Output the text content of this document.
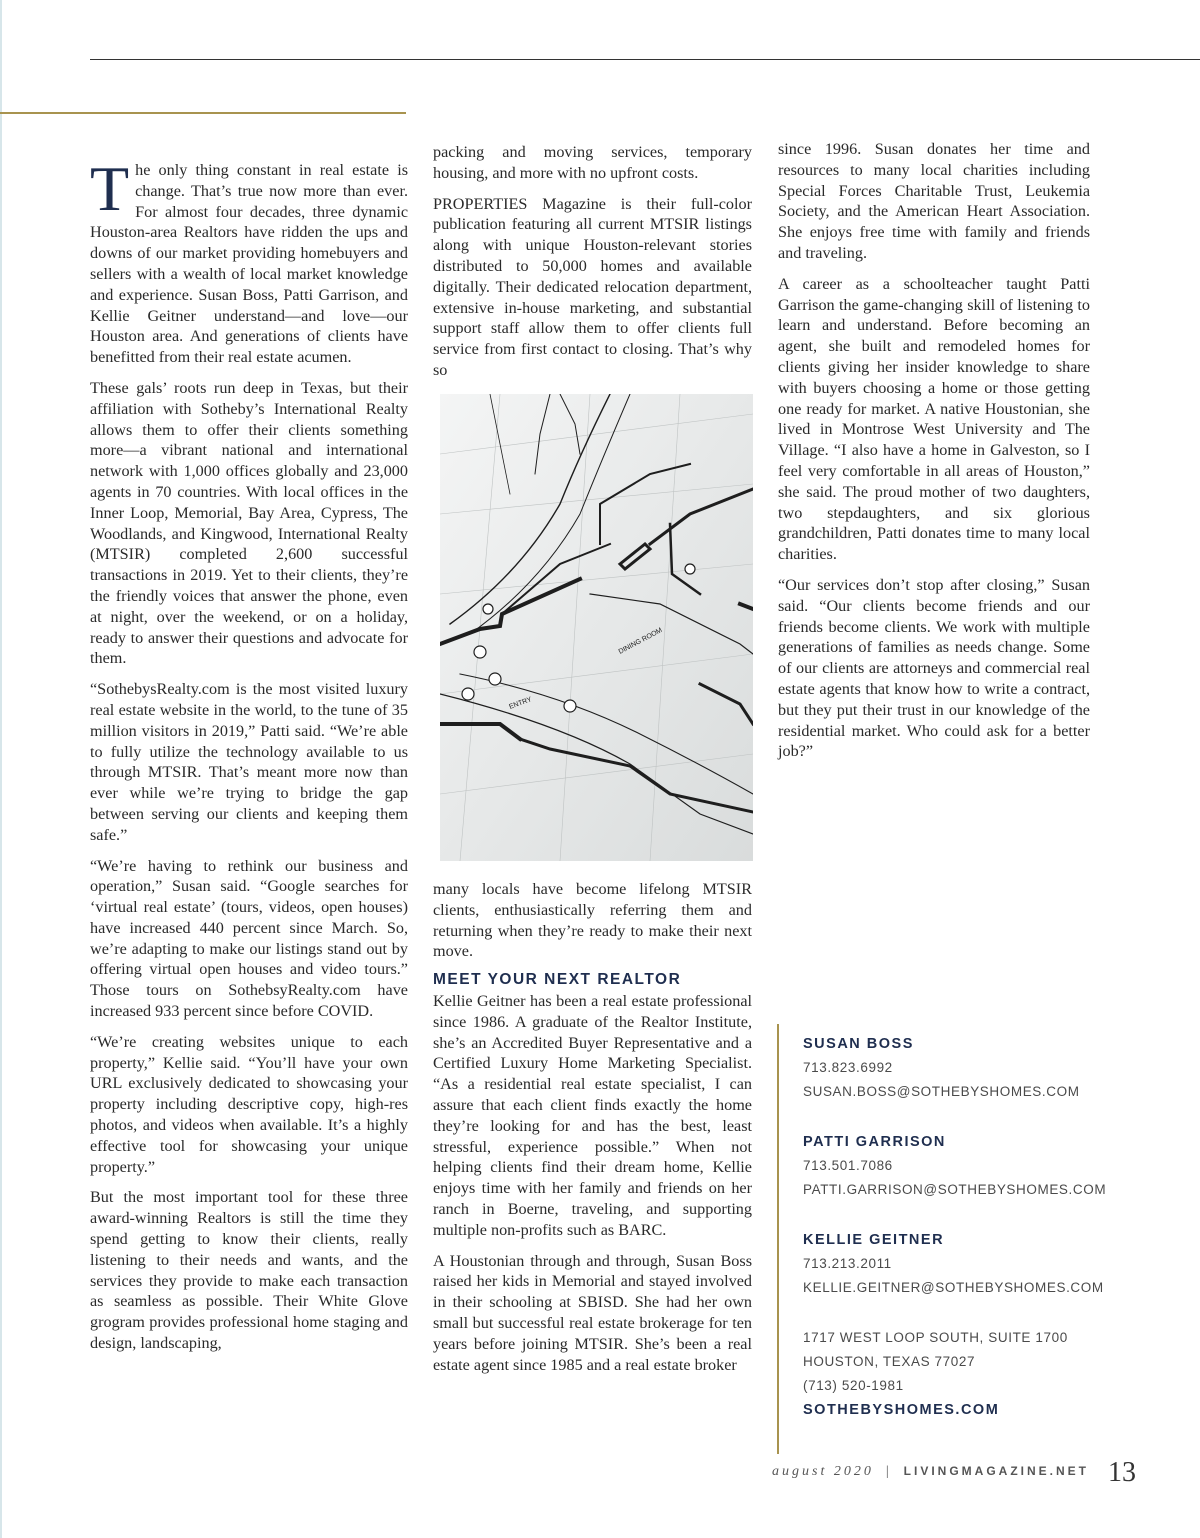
The only thing constant in real estate is change. That’s true now more than ever. For almost four decades, three dynamic Houston-area Realtors have ridden the ups and downs of our market providing homebuyers and sellers with a wealth of local market knowledge and experience. Susan Boss, Patti Garrison, and Kellie Geitner understand—and love—our Houston area. And generations of clients have benefitted from their real estate acumen.

These gals’ roots run deep in Texas, but their affiliation with Sotheby’s International Realty allows them to offer their clients something more—a vibrant national and international network with 1,000 offices globally and 23,000 agents in 70 countries. With local offices in the Inner Loop, Memorial, Bay Area, Cypress, The Woodlands, and Kingwood, International Realty (MTSIR) completed 2,600 successful transactions in 2019. Yet to their clients, they’re the friendly voices that answer the phone, even at night, over the weekend, or on a holiday, ready to answer their questions and advocate for them.

“SothebysRealty.com is the most visited luxury real estate website in the world, to the tune of 35 million visitors in 2019,” Patti said. “We’re able to fully utilize the technology available to us through MTSIR. That’s meant more now than ever while we’re trying to bridge the gap between serving our clients and keeping them safe.”

“We’re having to rethink our business and operation,” Susan said. “Google searches for ‘virtual real estate’ (tours, videos, open houses) have increased 440 percent since March. So, we’re adapting to make our listings stand out by offering virtual open houses and video tours.” Those tours on SothebsyRealty.com have increased 933 percent since before COVID.

“We’re creating websites unique to each property,” Kellie said. “You’ll have your own URL exclusively dedicated to showcasing your property including descriptive copy, high-res photos, and videos when available. It’s a highly effective tool for showcasing your unique property.”

But the most important tool for these three award-winning Realtors is still the time they spend getting to know their clients, really listening to their needs and wants, and the services they provide to make each transaction as seamless as possible. Their White Glove grogram provides professional home staging and design, landscaping,

packing and moving services, temporary housing, and more with no upfront costs.

PROPERTIES Magazine is their full-color publication featuring all current MTSIR listings along with unique Houston-relevant stories distributed to 50,000 homes and available digitally. Their dedicated relocation department, extensive in-house marketing, and substantial support staff allow them to offer clients full service from first contact to closing. That’s why so

DINING ROOM
ENTRY

many locals have become lifelong MTSIR clients, enthusiastically referring them and returning when they’re ready to make their next move.

MEET YOUR NEXT REALTOR

Kellie Geitner has been a real estate professional since 1986. A graduate of the Realtor Institute, she’s an Accredited Buyer Representative and a Certified Luxury Home Marketing Specialist. “As a residential real estate specialist, I can assure that each client finds exactly the home they’re looking for and has the best, least stressful, experience possible.” When not helping clients find their dream home, Kellie enjoys time with her family and friends on her ranch in Boerne, traveling, and supporting multiple non-profits such as BARC.

A Houstonian through and through, Susan Boss raised her kids in Memorial and stayed involved in their schooling at SBISD. She had her own small but successful real estate brokerage for ten years before joining MTSIR. She’s been a real estate agent since 1985 and a real estate broker

since 1996. Susan donates her time and resources to many local charities including Special Forces Charitable Trust, Leukemia Society, and the American Heart Association. She enjoys free time with family and friends and traveling.

A career as a schoolteacher taught Patti Garrison the game-changing skill of listening to learn and understand. Before becoming an agent, she built and remodeled homes for clients giving her insider knowledge to share with buyers choosing a home or those getting one ready for market. A native Houstonian, she lived in Montrose West University and The Village. “I also have a home in Galveston, so I feel very comfortable in all areas of Houston,” she said. The proud mother of two daughters, two stepdaughters, and six glorious grandchildren, Patti donates time to many local charities.

“Our services don’t stop after closing,” Susan said. “Our clients become friends and our friends become clients. We work with multiple generations of families as needs change. Some of our clients are attorneys and commercial real estate agents that know how to write a contract, but they put their trust in our knowledge of the residential market. Who could ask for a better job?”

SUSAN BOSS
713.823.6992
SUSAN.BOSS@SOTHEBYSHOMES.COM
PATTI GARRISON
713.501.7086
PATTI.GARRISON@SOTHEBYSHOMES.COM
KELLIE GEITNER
713.213.2011
KELLIE.GEITNER@SOTHEBYSHOMES.COM
1717 WEST LOOP SOUTH, SUITE 1700
HOUSTON, TEXAS 77027
(713) 520-1981
SOTHEBYSHOMES.COM
august 2020 | LIVINGMAGAZINE.NET 13
